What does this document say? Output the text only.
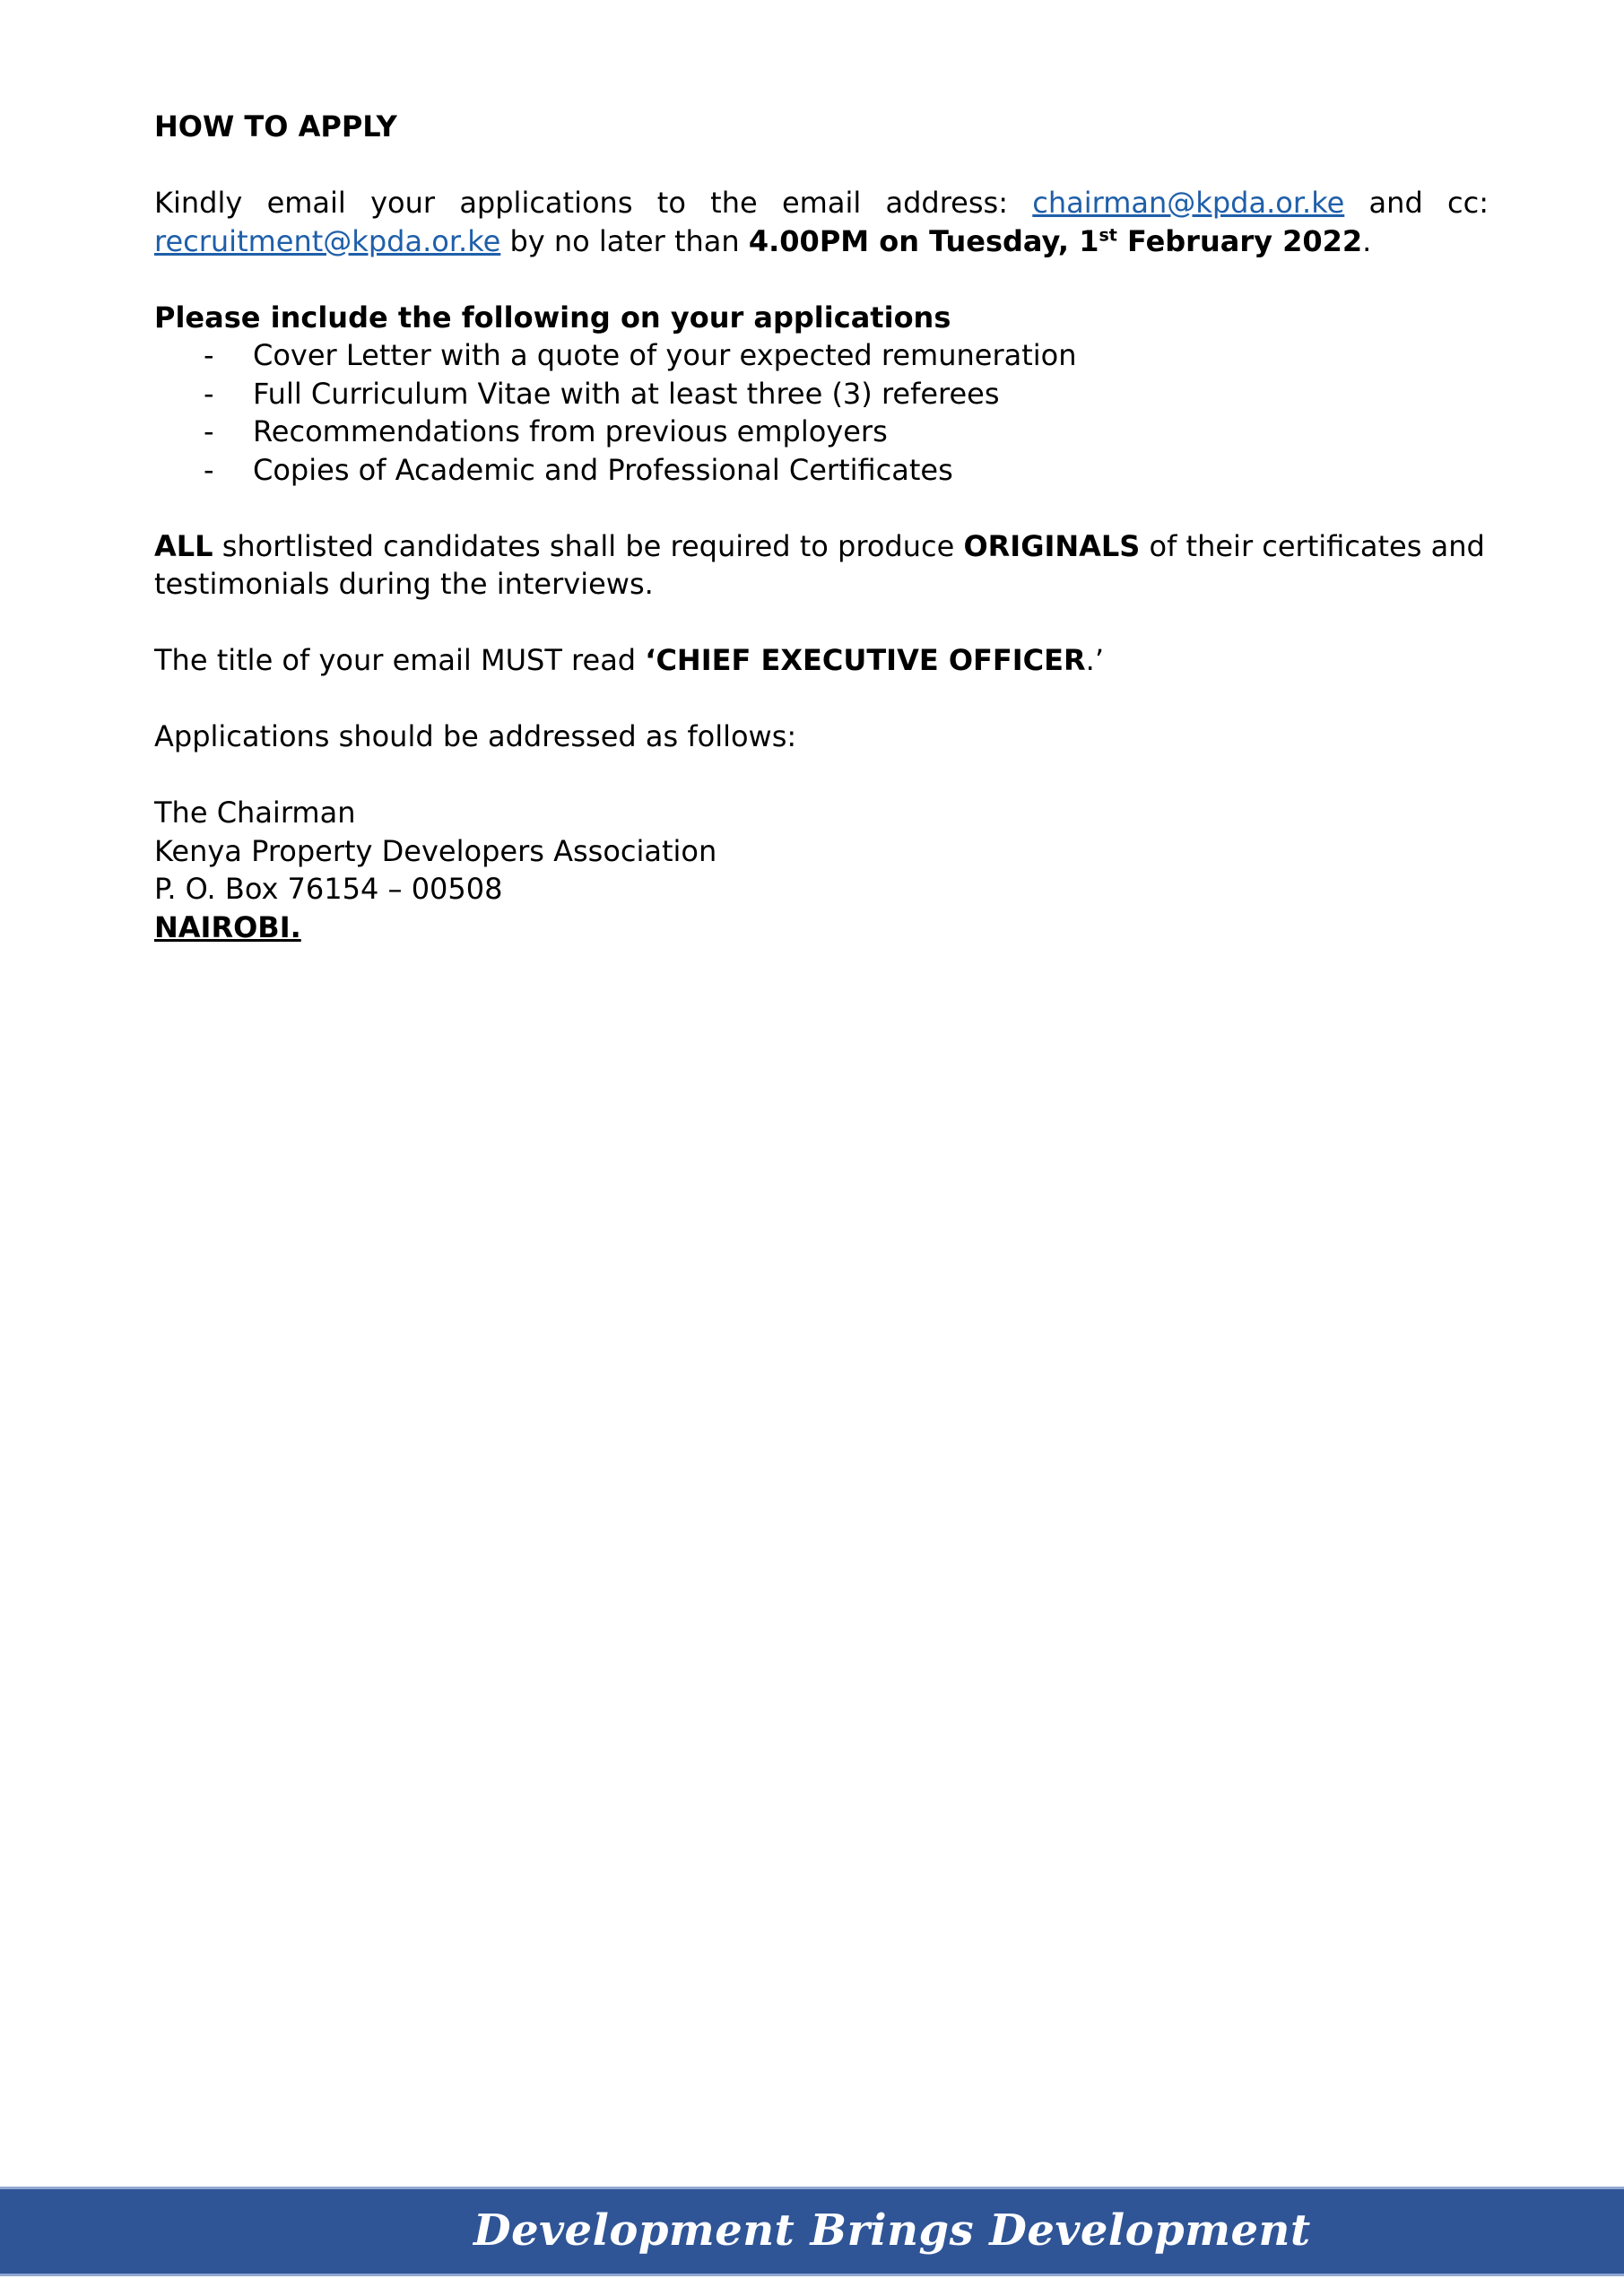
HOW TO APPLY

Kindly email your applications to the email address: chairman@kpda.or.ke and cc: recruitment@kpda.or.ke by no later than 4.00PM on Tuesday, 1st February 2022.

Please include the following on your applications

- Cover Letter with a quote of your expected remuneration
- Full Curriculum Vitae with at least three (3) referees
- Recommendations from previous employers
- Copies of Academic and Professional Certificates

ALL shortlisted candidates shall be required to produce ORIGINALS of their certificates and testimonials during the interviews.

The title of your email MUST read ‘CHIEF EXECUTIVE OFFICER.’

Applications should be addressed as follows:

The Chairman

Kenya Property Developers Association

P. O. Box 76154 – 00508

NAIROBI.

Development Brings Development
